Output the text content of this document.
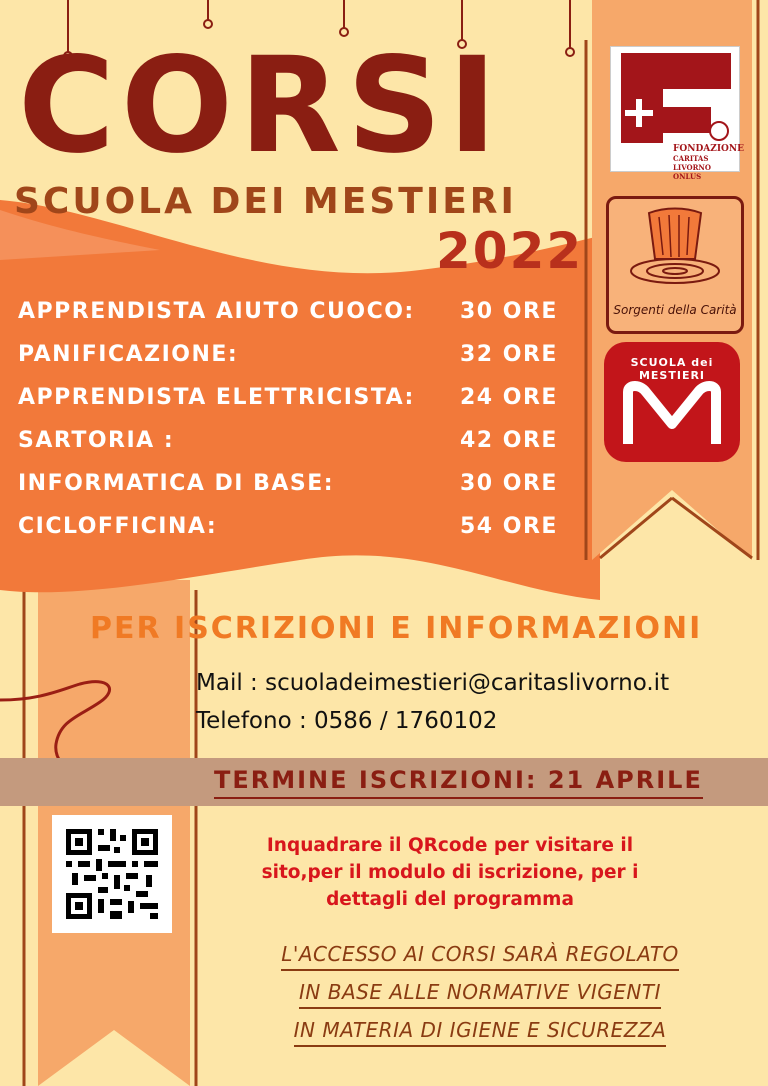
CORSI
SCUOLA DEI MESTIERI
2022
APPRENDISTA AIUTO CUOCO: 30 ORE
PANIFICAZIONE:	32 ORE
APPRENDISTA ELETTRICISTA: 24 ORE
SARTORIA :	42 ORE
INFORMATICA DI BASE:	30 ORE
CICLOFFICINA:	54 ORE
FONDAZIONE
CARITAS LIVORNO
ONLUS
Sorgenti della Carità
SCUOLA dei MESTIERI
PER ISCRIZIONI E INFORMAZIONI
Mail : scuoladeimestieri@caritaslivorno.it
Telefono : 0586 / 1760102
TERMINE ISCRIZIONI: 21 APRILE
Inquadrare il QRcode per visitare il sito,per il modulo di iscrizione, per i dettagli del programma
L'ACCESSO AI CORSI SARÀ REGOLATO
IN BASE ALLE NORMATIVE VIGENTI
IN MATERIA DI IGIENE E SICUREZZA
